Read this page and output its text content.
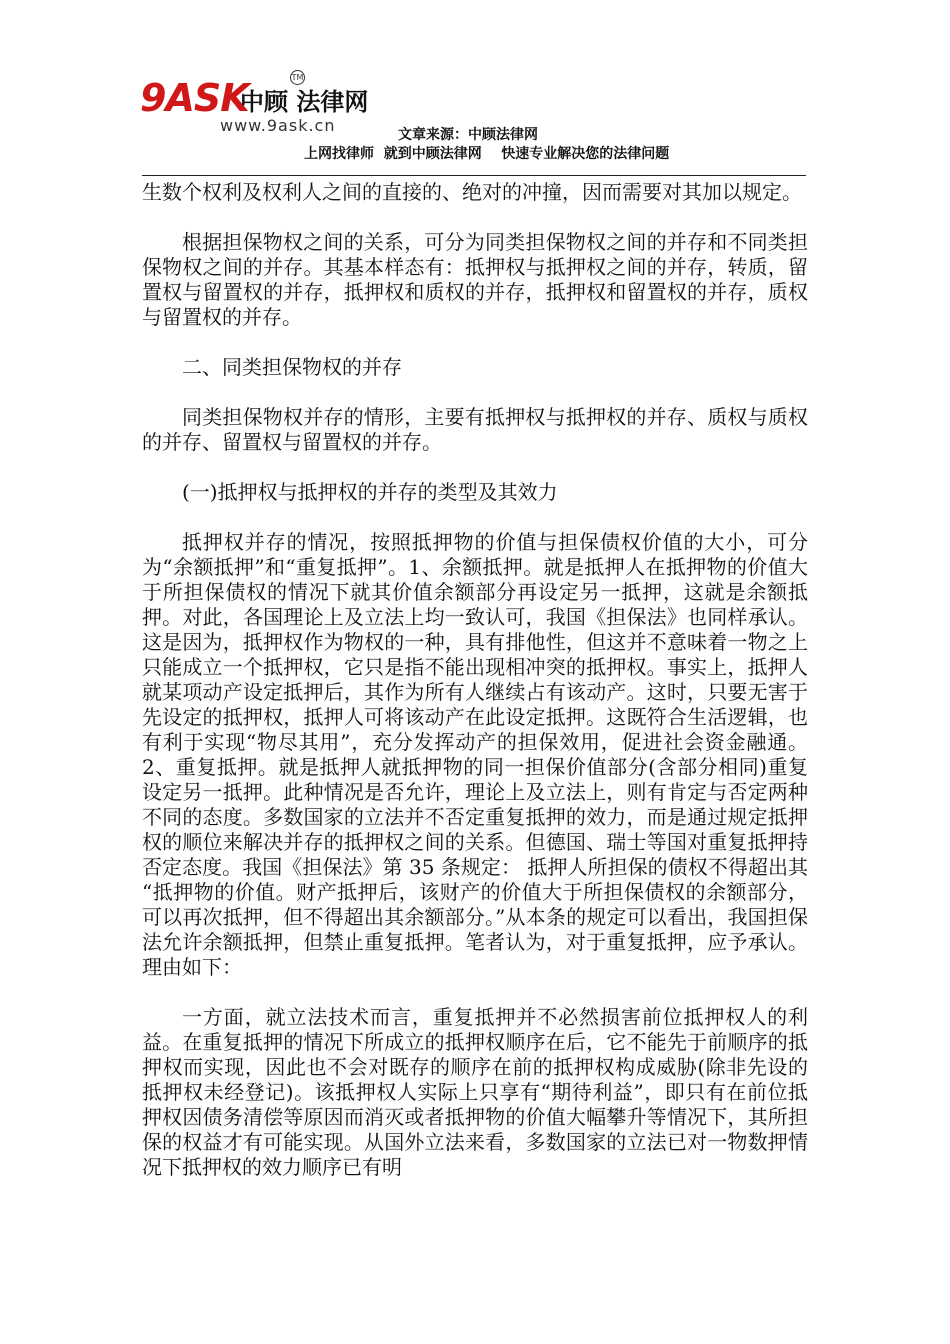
9ASK
中顾 法律网
TM
www.9ask.cn	文章来源：中顾法律网
上网找律师  就到中顾法律网    快速专业解决您的法律问题

生数个权利及权利人之间的直接的、绝对的冲撞，因而需要对其加以规定。

根据担保物权之间的关系，可分为同类担保物权之间的并存和不同类担保物权之间的并存。其基本样态有：抵押权与抵押权之间的并存，转质，留置权与留置权的并存，抵押权和质权的并存，抵押权和留置权的并存，质权与留置权的并存。

二、同类担保物权的并存

同类担保物权并存的情形，主要有抵押权与抵押权的并存、质权与质权的并存、留置权与留置权的并存。

(一)抵押权与抵押权的并存的类型及其效力

抵押权并存的情况，按照抵押物的价值与担保债权价值的大小，可分为“余额抵押”和“重复抵押”。1、余额抵押。就是抵押人在抵押物的价值大于所担保债权的情况下就其价值余额部分再设定另一抵押，这就是余额抵押。对此，各国理论上及立法上均一致认可，我国《担保法》也同样承认。这是因为，抵押权作为物权的一种，具有排他性，但这并不意味着一物之上只能成立一个抵押权，它只是指不能出现相冲突的抵押权。事实上，抵押人就某项动产设定抵押后，其作为所有人继续占有该动产。这时，只要无害于先设定的抵押权，抵押人可将该动产在此设定抵押。这既符合生活逻辑，也有利于实现“物尽其用”，充分发挥动产的担保效用，促进社会资金融通。2、重复抵押。就是抵押人就抵押物的同一担保价值部分(含部分相同)重复设定另一抵押。此种情况是否允许，理论上及立法上，则有肯定与否定两种不同的态度。多数国家的立法并不否定重复抵押的效力，而是通过规定抵押权的顺位来解决并存的抵押权之间的关系。但德国、瑞士等国对重复抵押持否定态度。我国《担保法》第 35 条规定： 抵押人所担保的债权不得超出其 “抵押物的价值。财产抵押后，该财产的价值大于所担保债权的余额部分，可以再次抵押，但不得超出其余额部分。”从本条的规定可以看出，我国担保法允许余额抵押，但禁止重复抵押。笔者认为，对于重复抵押，应予承认。理由如下：

一方面，就立法技术而言，重复抵押并不必然损害前位抵押权人的利益。在重复抵押的情况下所成立的抵押权顺序在后，它不能先于前顺序的抵押权而实现，因此也不会对既存的顺序在前的抵押权构成威胁(除非先设的抵押权未经登记)。该抵押权人实际上只享有“期待利益”，即只有在前位抵押权因债务清偿等原因而消灭或者抵押物的价值大幅攀升等情况下，其所担保的权益才有可能实现。从国外立法来看，多数国家的立法已对一物数押情况下抵押权的效力顺序已有明
